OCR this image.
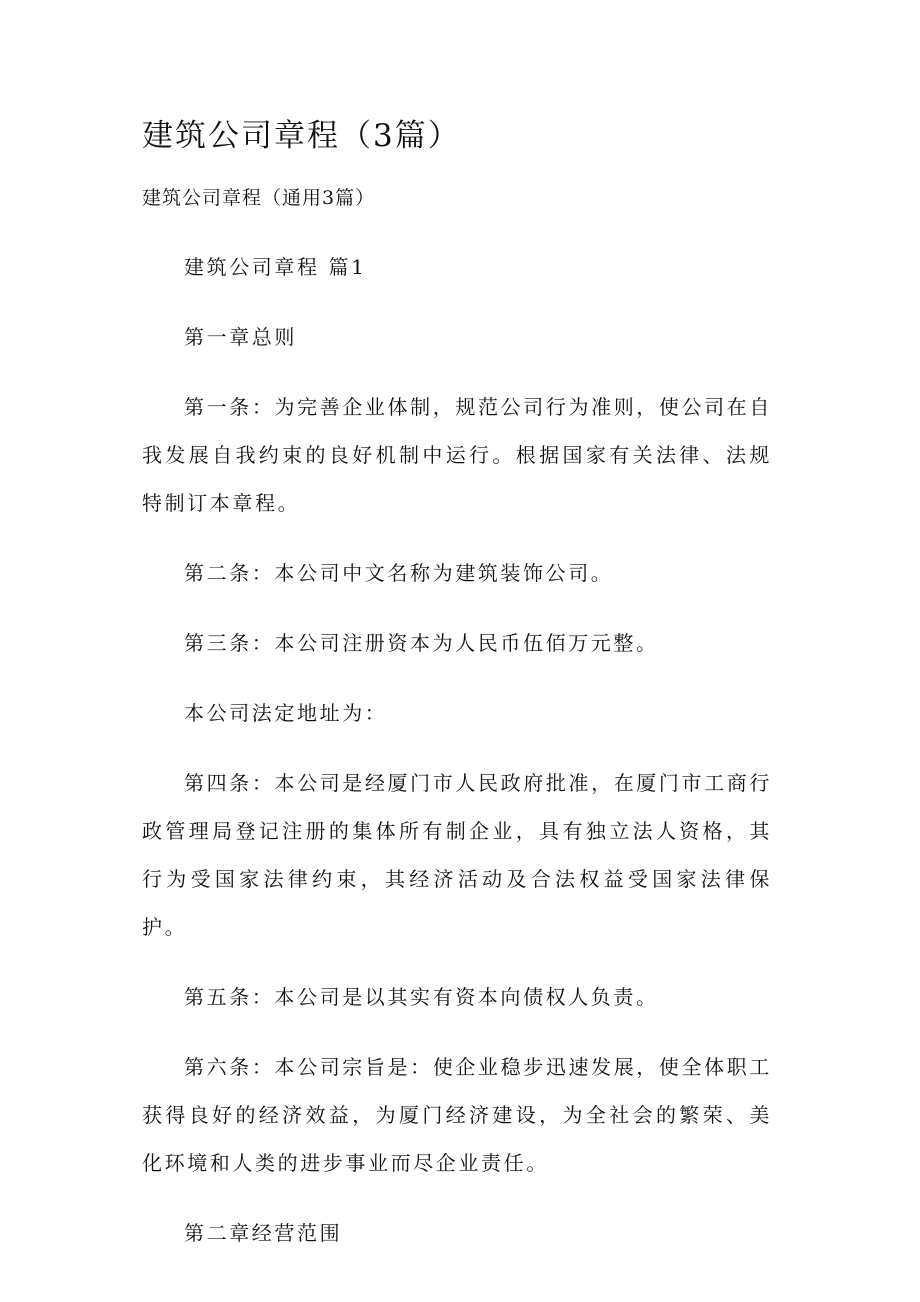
建筑公司章程（3篇）

建筑公司章程（通用3篇）

建筑公司章程 篇1

第一章总则

第一条：为完善企业体制，规范公司行为准则，使公司在自我发展自我约束的良好机制中运行。根据国家有关法律、法规特制订本章程。

第二条：本公司中文名称为建筑装饰公司。

第三条：本公司注册资本为人民币伍佰万元整。

本公司法定地址为：

第四条：本公司是经厦门市人民政府批准，在厦门市工商行政管理局登记注册的集体所有制企业，具有独立法人资格，其行为受国家法律约束，其经济活动及合法权益受国家法律保护。

第五条：本公司是以其实有资本向债权人负责。

第六条：本公司宗旨是：使企业稳步迅速发展，使全体职工获得良好的经济效益，为厦门经济建设，为全社会的繁荣、美化环境和人类的进步事业而尽企业责任。

第二章经营范围
